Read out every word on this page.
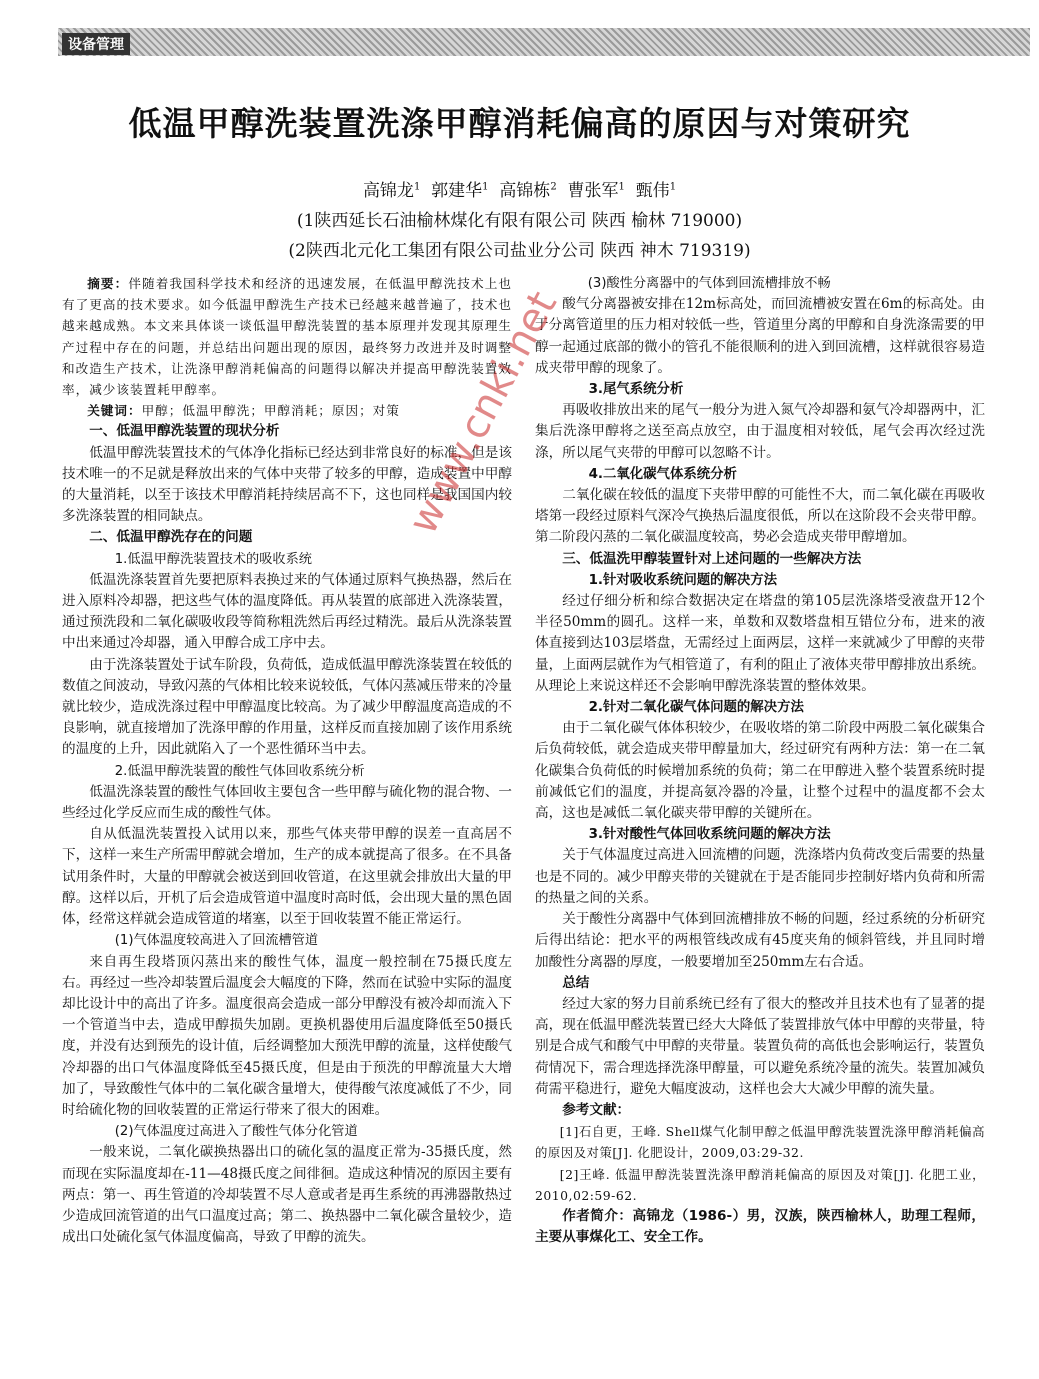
设备管理
低温甲醇洗装置洗涤甲醇消耗偏高的原因与对策研究
高锦龙$^1$ 郭建华$^1$ 高锦栋$^2$ 曹张军$^1$ 甄伟$^1$
(1陕西延长石油榆林煤化有限有限公司 陕西 榆林 719000)
(2陕西北元化工集团有限公司盐业分公司 陕西 神木 719319)

摘要：伴随着我国科学技术和经济的迅速发展，在低温甲醇洗技术上也有了更高的技术要求。如今低温甲醇洗生产技术已经越来越普遍了，技术也越来越成熟。本文来具体谈一谈低温甲醇洗装置的基本原理并发现其原理生产过程中存在的问题，并总结出问题出现的原因，最终努力改进并及时调整和改造生产技术，让洗涤甲醇消耗偏高的问题得以解决并提高甲醇洗装置效率，减少该装置耗甲醇率。

关键词：甲醇；低温甲醇洗；甲醇消耗；原因；对策

一、低温甲醇洗装置的现状分析

低温甲醇洗装置技术的气体净化指标已经达到非常良好的标准，但是该技术唯一的不足就是释放出来的气体中夹带了较多的甲醇，造成装置中甲醇的大量消耗，以至于该技术甲醇消耗持续居高不下，这也同样是我国国内较多洗涤装置的相同缺点。

二、低温甲醇洗存在的问题

1.低温甲醇洗装置技术的吸收系统

低温洗涤装置首先要把原料表换过来的气体通过原料气换热器，然后在进入原料冷却器，把这些气体的温度降低。再从装置的底部进入洗涤装置，通过预洗段和二氧化碳吸收段等简称粗洗然后再经过精洗。最后从洗涤装置中出来通过冷却器，通入甲醇合成工序中去。

由于洗涤装置处于试车阶段，负荷低，造成低温甲醇洗涤装置在较低的数值之间波动，导致闪蒸的气体相比较来说较低，气体闪蒸减压带来的冷量就比较少，造成洗涤过程中甲醇温度比较高。为了减少甲醇温度高造成的不良影响，就直接增加了洗涤甲醇的作用量，这样反而直接加剧了该作用系统的温度的上升，因此就陷入了一个恶性循环当中去。

2.低温甲醇洗装置的酸性气体回收系统分析

低温洗涤装置的酸性气体回收主要包含一些甲醇与硫化物的混合物、一些经过化学反应而生成的酸性气体。

自从低温洗装置投入试用以来，那些气体夹带甲醇的误差一直高居不下，这样一来生产所需甲醇就会增加，生产的成本就提高了很多。在不具备试用条件时，大量的甲醇就会被送到回收管道，在这里就会排放出大量的甲醇。这样以后，开机了后会造成管道中温度时高时低，会出现大量的黑色固体，经常这样就会造成管道的堵塞，以至于回收装置不能正常运行。

(1)气体温度较高进入了回流槽管道

来自再生段塔顶闪蒸出来的酸性气体，温度一般控制在75摄氏度左右。再经过一些冷却装置后温度会大幅度的下降，然而在试验中实际的温度却比设计中的高出了许多。温度很高会造成一部分甲醇没有被冷却而流入下一个管道当中去，造成甲醇损失加剧。更换机器使用后温度降低至50摄氏度，并没有达到预先的设计值，后经调整加大预洗甲醇的流量，这样使酸气冷却器的出口气体温度降低至45摄氏度，但是由于预洗的甲醇流量大大增加了，导致酸性气体中的二氧化碳含量增大，使得酸气浓度减低了不少，同时给硫化物的回收装置的正常运行带来了很大的困难。

(2)气体温度过高进入了酸性气体分化管道

一般来说，二氧化碳换热器出口的硫化氢的温度正常为-35摄氏度，然而现在实际温度却在-11—48摄氏度之间徘徊。造成这种情况的原因主要有两点：第一、再生管道的冷却装置不尽人意或者是再生系统的再沸器散热过少造成回流管道的出气口温度过高；第二、换热器中二氧化碳含量较少，造成出口处硫化氢气体温度偏高，导致了甲醇的流失。

(3)酸性分离器中的气体到回流槽排放不畅

酸气分离器被安排在12m标高处，而回流槽被安置在6m的标高处。由于分离管道里的压力相对较低一些，管道里分离的甲醇和自身洗涤需要的甲醇一起通过底部的微小的管孔不能很顺利的进入到回流槽，这样就很容易造成夹带甲醇的现象了。

3.尾气系统分析

再吸收排放出来的尾气一般分为进入氮气冷却器和氨气冷却器两中，汇集后洗涤甲醇将之送至高点放空，由于温度相对较低，尾气会再次经过洗涤，所以尾气夹带的甲醇可以忽略不计。

4.二氧化碳气体系统分析

二氧化碳在较低的温度下夹带甲醇的可能性不大，而二氧化碳在再吸收塔第一段经过原料气深冷气换热后温度很低，所以在这阶段不会夹带甲醇。第二阶段闪蒸的二氧化碳温度较高，势必会造成夹带甲醇增加。

三、低温洗甲醇装置针对上述问题的一些解决方法

1.针对吸收系统问题的解决方法

经过仔细分析和综合数据决定在塔盘的第105层洗涤塔受液盘开12个半径50mm的圆孔。这样一来，单数和双数塔盘相互错位分布，进来的液体直接到达103层塔盘，无需经过上面两层，这样一来就减少了甲醇的夹带量，上面两层就作为气相管道了，有利的阻止了液体夹带甲醇排放出系统。从理论上来说这样还不会影响甲醇洗涤装置的整体效果。

2.针对二氧化碳气体问题的解决方法

由于二氧化碳气体体积较少，在吸收塔的第二阶段中两股二氧化碳集合后负荷较低，就会造成夹带甲醇量加大，经过研究有两种方法：第一在二氧化碳集合负荷低的时候增加系统的负荷；第二在甲醇进入整个装置系统时提前减低它们的温度，并提高氨冷器的冷量，让整个过程中的温度都不会太高，这也是减低二氧化碳夹带甲醇的关键所在。

3.针对酸性气体回收系统问题的解决方法

关于气体温度过高进入回流槽的问题，洗涤塔内负荷改变后需要的热量也是不同的。减少甲醇夹带的关键就在于是否能同步控制好塔内负荷和所需的热量之间的关系。

关于酸性分离器中气体到回流槽排放不畅的问题，经过系统的分析研究后得出结论：把水平的两根管线改成有45度夹角的倾斜管线，并且同时增加酸性分离器的厚度，一般要增加至250mm左右合适。

总结

经过大家的努力目前系统已经有了很大的整改并且技术也有了显著的提高，现在低温甲醛洗装置已经大大降低了装置排放气体中甲醇的夹带量，特别是合成气和酸气中甲醇的夹带量。装置负荷的高低也会影响运行，装置负荷情况下，需合理选择洗涤甲醇量，可以避免系统冷量的流失。装置加减负荷需平稳进行，避免大幅度波动，这样也会大大减少甲醇的流失量。

参考文献：

[1]石自更，王峰. Shell煤气化制甲醇之低温甲醇洗装置洗涤甲醇消耗偏高的原因及对策[J]. 化肥设计，2009,03:29-32.

[2]王峰. 低温甲醇洗装置洗涤甲醇消耗偏高的原因及对策[J]. 化肥工业，2010,02:59-62.

作者简介：高锦龙（1986-）男，汉族，陕西榆林人，助理工程师，主要从事煤化工、安全工作。

www.cnki.net
